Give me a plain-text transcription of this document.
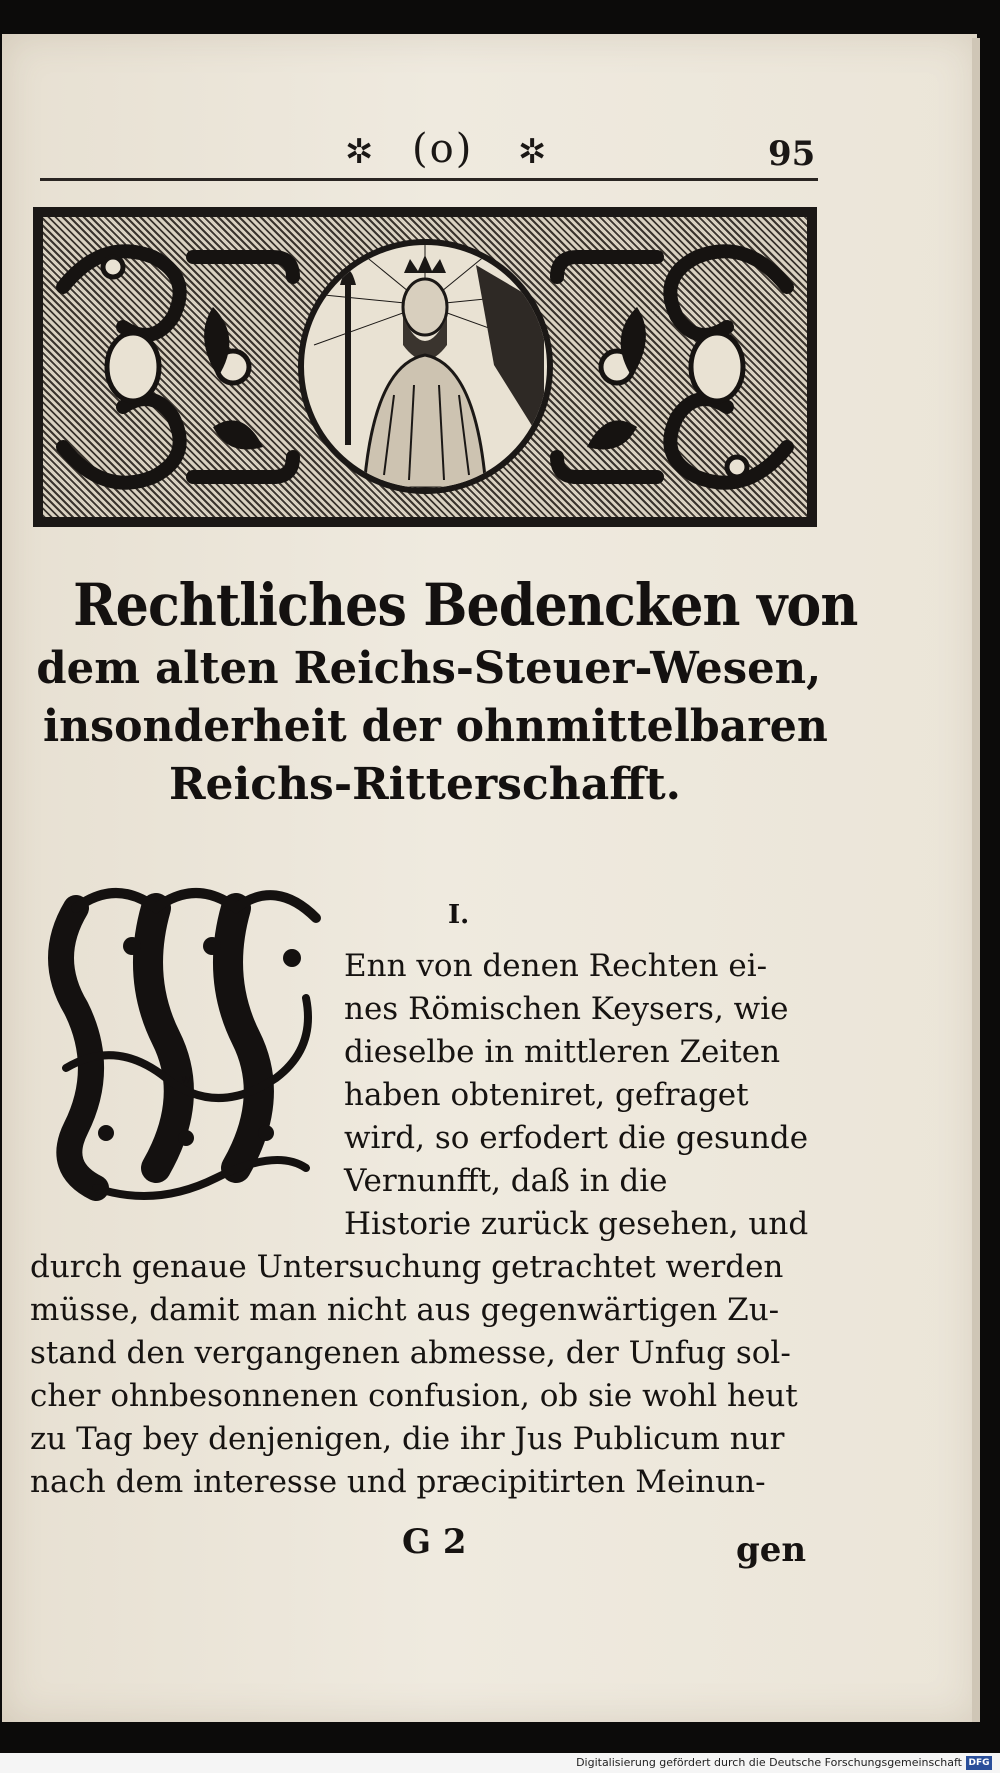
✲ (o) ✲	95
Rechtliches Bedencken von
dem alten Reichs-Steuer-Wesen,
insonderheit der ohnmittelbaren
Reichs-Ritterschafft.
W
I.
Enn von denen Rechten ei-
nes Römischen Keysers, wie
dieselbe in mittleren Zeiten
haben obteniret, gefraget
wird, so erfodert die gesunde
Vernunfft, daß in die
Historie zurück gesehen, und
durch genaue Untersuchung getrachtet werden
müsse, damit man nicht aus gegenwärtigen Zu-
stand den vergangenen abmesse, der Unfug sol-
cher ohnbesonnenen confusion, ob sie wohl heut
zu Tag bey denjenigen, die ihr Jus Publicum nur
nach dem interesse und præcipitirten Meinun-
G 2	gen
Digitalisierung gefördert durch die Deutsche Forschungsgemeinschaft DFG
